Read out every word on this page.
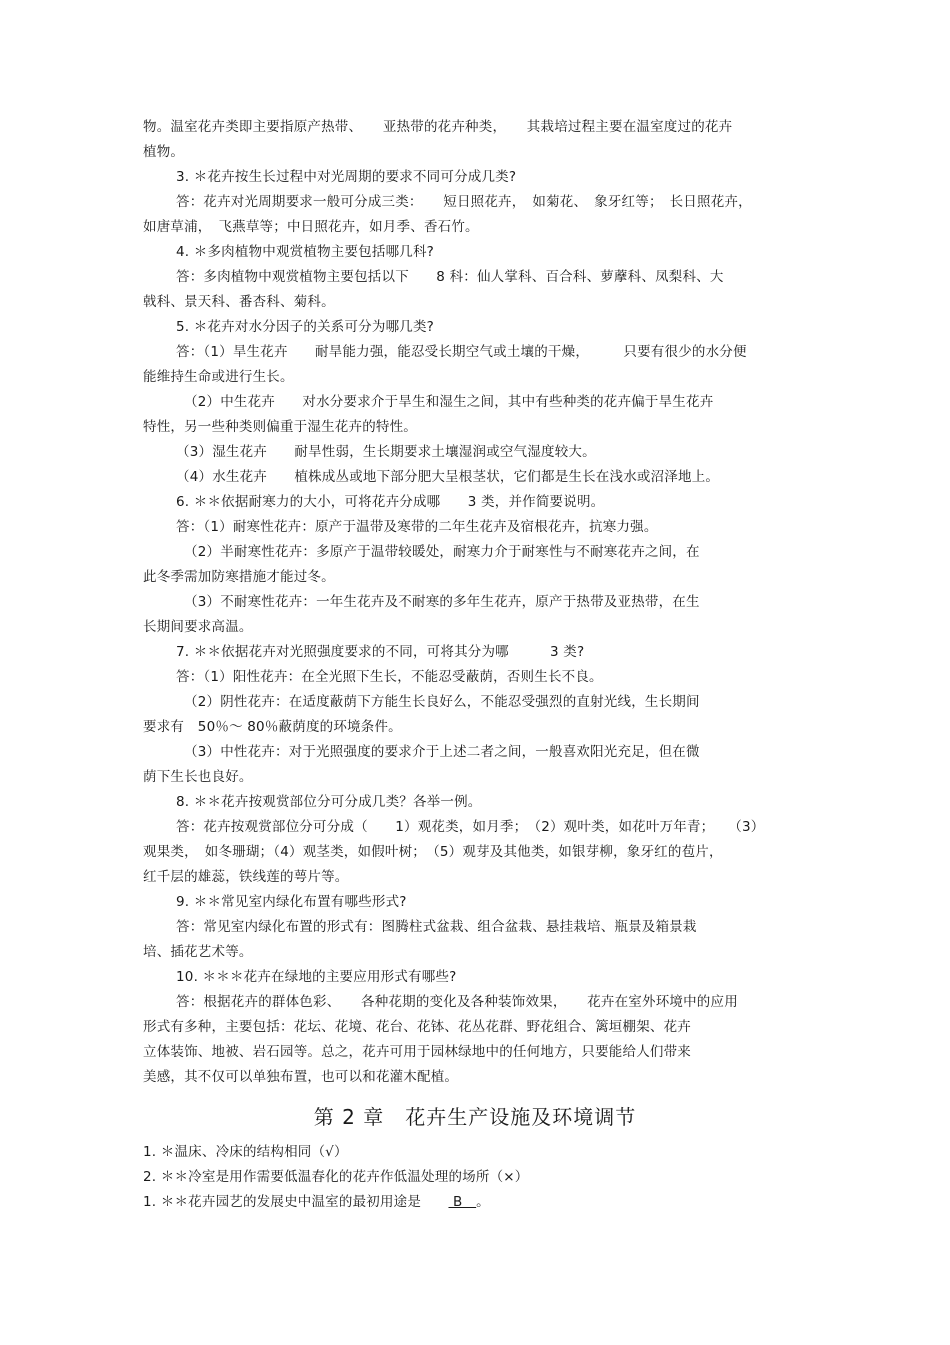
物。温室花卉类即主要指原产热带、　　亚热带的花卉种类，　　其栽培过程主要在温室度过的花卉
植物。
3. ＊花卉按生长过程中对光周期的要求不同可分成几类?
答：花卉对光周期要求一般可分成三类：　　短日照花卉，　如菊花、　象牙红等；　长日照花卉，
如唐草浦，　飞燕草等；中日照花卉，如月季、香石竹。
4. ＊多肉植物中观赏植物主要包括哪几科?
答：多肉植物中观赏植物主要包括以下　　8 科：仙人掌科、百合科、萝藦科、凤梨科、大
戟科、景天科、番杏科、菊科。
5. ＊花卉对水分因子的关系可分为哪几类?
答：（1）旱生花卉　　耐旱能力强，能忍受长期空气或土壤的干燥，　　　只要有很少的水分便
能维持生命或进行生长。
（2）中生花卉　　对水分要求介于旱生和湿生之间，其中有些种类的花卉偏于旱生花卉
特性，另一些种类则偏重于湿生花卉的特性。
（3）湿生花卉　　耐旱性弱，生长期要求土壤湿润或空气湿度较大。
（4）水生花卉　　植株成丛或地下部分肥大呈根茎状，它们都是生长在浅水或沼泽地上。
6. ＊＊依据耐寒力的大小，可将花卉分成哪　　3 类，并作简要说明。
答：（1）耐寒性花卉：原产于温带及寒带的二年生花卉及宿根花卉，抗寒力强。
（2）半耐寒性花卉：多原产于温带较暖处，耐寒力介于耐寒性与不耐寒花卉之间，在
此冬季需加防寒措施才能过冬。
（3）不耐寒性花卉：一年生花卉及不耐寒的多年生花卉，原产于热带及亚热带，在生
长期间要求高温。
7. ＊＊依据花卉对光照强度要求的不同，可将其分为哪　　　3 类?
答：（1）阳性花卉：在全光照下生长，不能忍受蔽荫，否则生长不良。
（2）阴性花卉：在适度蔽荫下方能生长良好么，不能忍受强烈的直射光线，生长期间
要求有　50％～ 80％蔽荫度的环境条件。
（3）中性花卉：对于光照强度的要求介于上述二者之间，一般喜欢阳光充足，但在微
荫下生长也良好。
8. ＊＊花卉按观赏部位分可分成几类？各举一例。
答：花卉按观赏部位分可分成（　　1）观花类，如月季；　（2）观叶类，如花叶万年青；　　（3）
观果类，　如冬珊瑚；（4）观茎类，如假叶树；　（5）观芽及其他类，如银芽柳，象牙红的苞片，
红千层的雄蕊，铁线莲的萼片等。
9. ＊＊常见室内绿化布置有哪些形式?
答：常见室内绿化布置的形式有：图腾柱式盆栽、组合盆栽、悬挂栽培、瓶景及箱景栽
培、插花艺术等。
10. ＊＊＊花卉在绿地的主要应用形式有哪些?
答：根据花卉的群体色彩、　　各种花期的变化及各种装饰效果，　　花卉在室外环境中的应用
形式有多种，主要包括：花坛、花境、花台、花钵、花丛花群、野花组合、篱垣棚架、花卉
立体装饰、地被、岩石园等。总之，花卉可用于园林绿地中的任何地方，只要能给人们带来
美感，其不仅可以单独布置，也可以和花灌木配植。
第 2 章　花卉生产设施及环境调节
1. ＊温床、冷床的结构相同（√）
2. ＊＊冷室是用作需要低温春化的花卉作低温处理的场所（×）
1. ＊＊花卉园艺的发展史中温室的最初用途是　　 B　。
